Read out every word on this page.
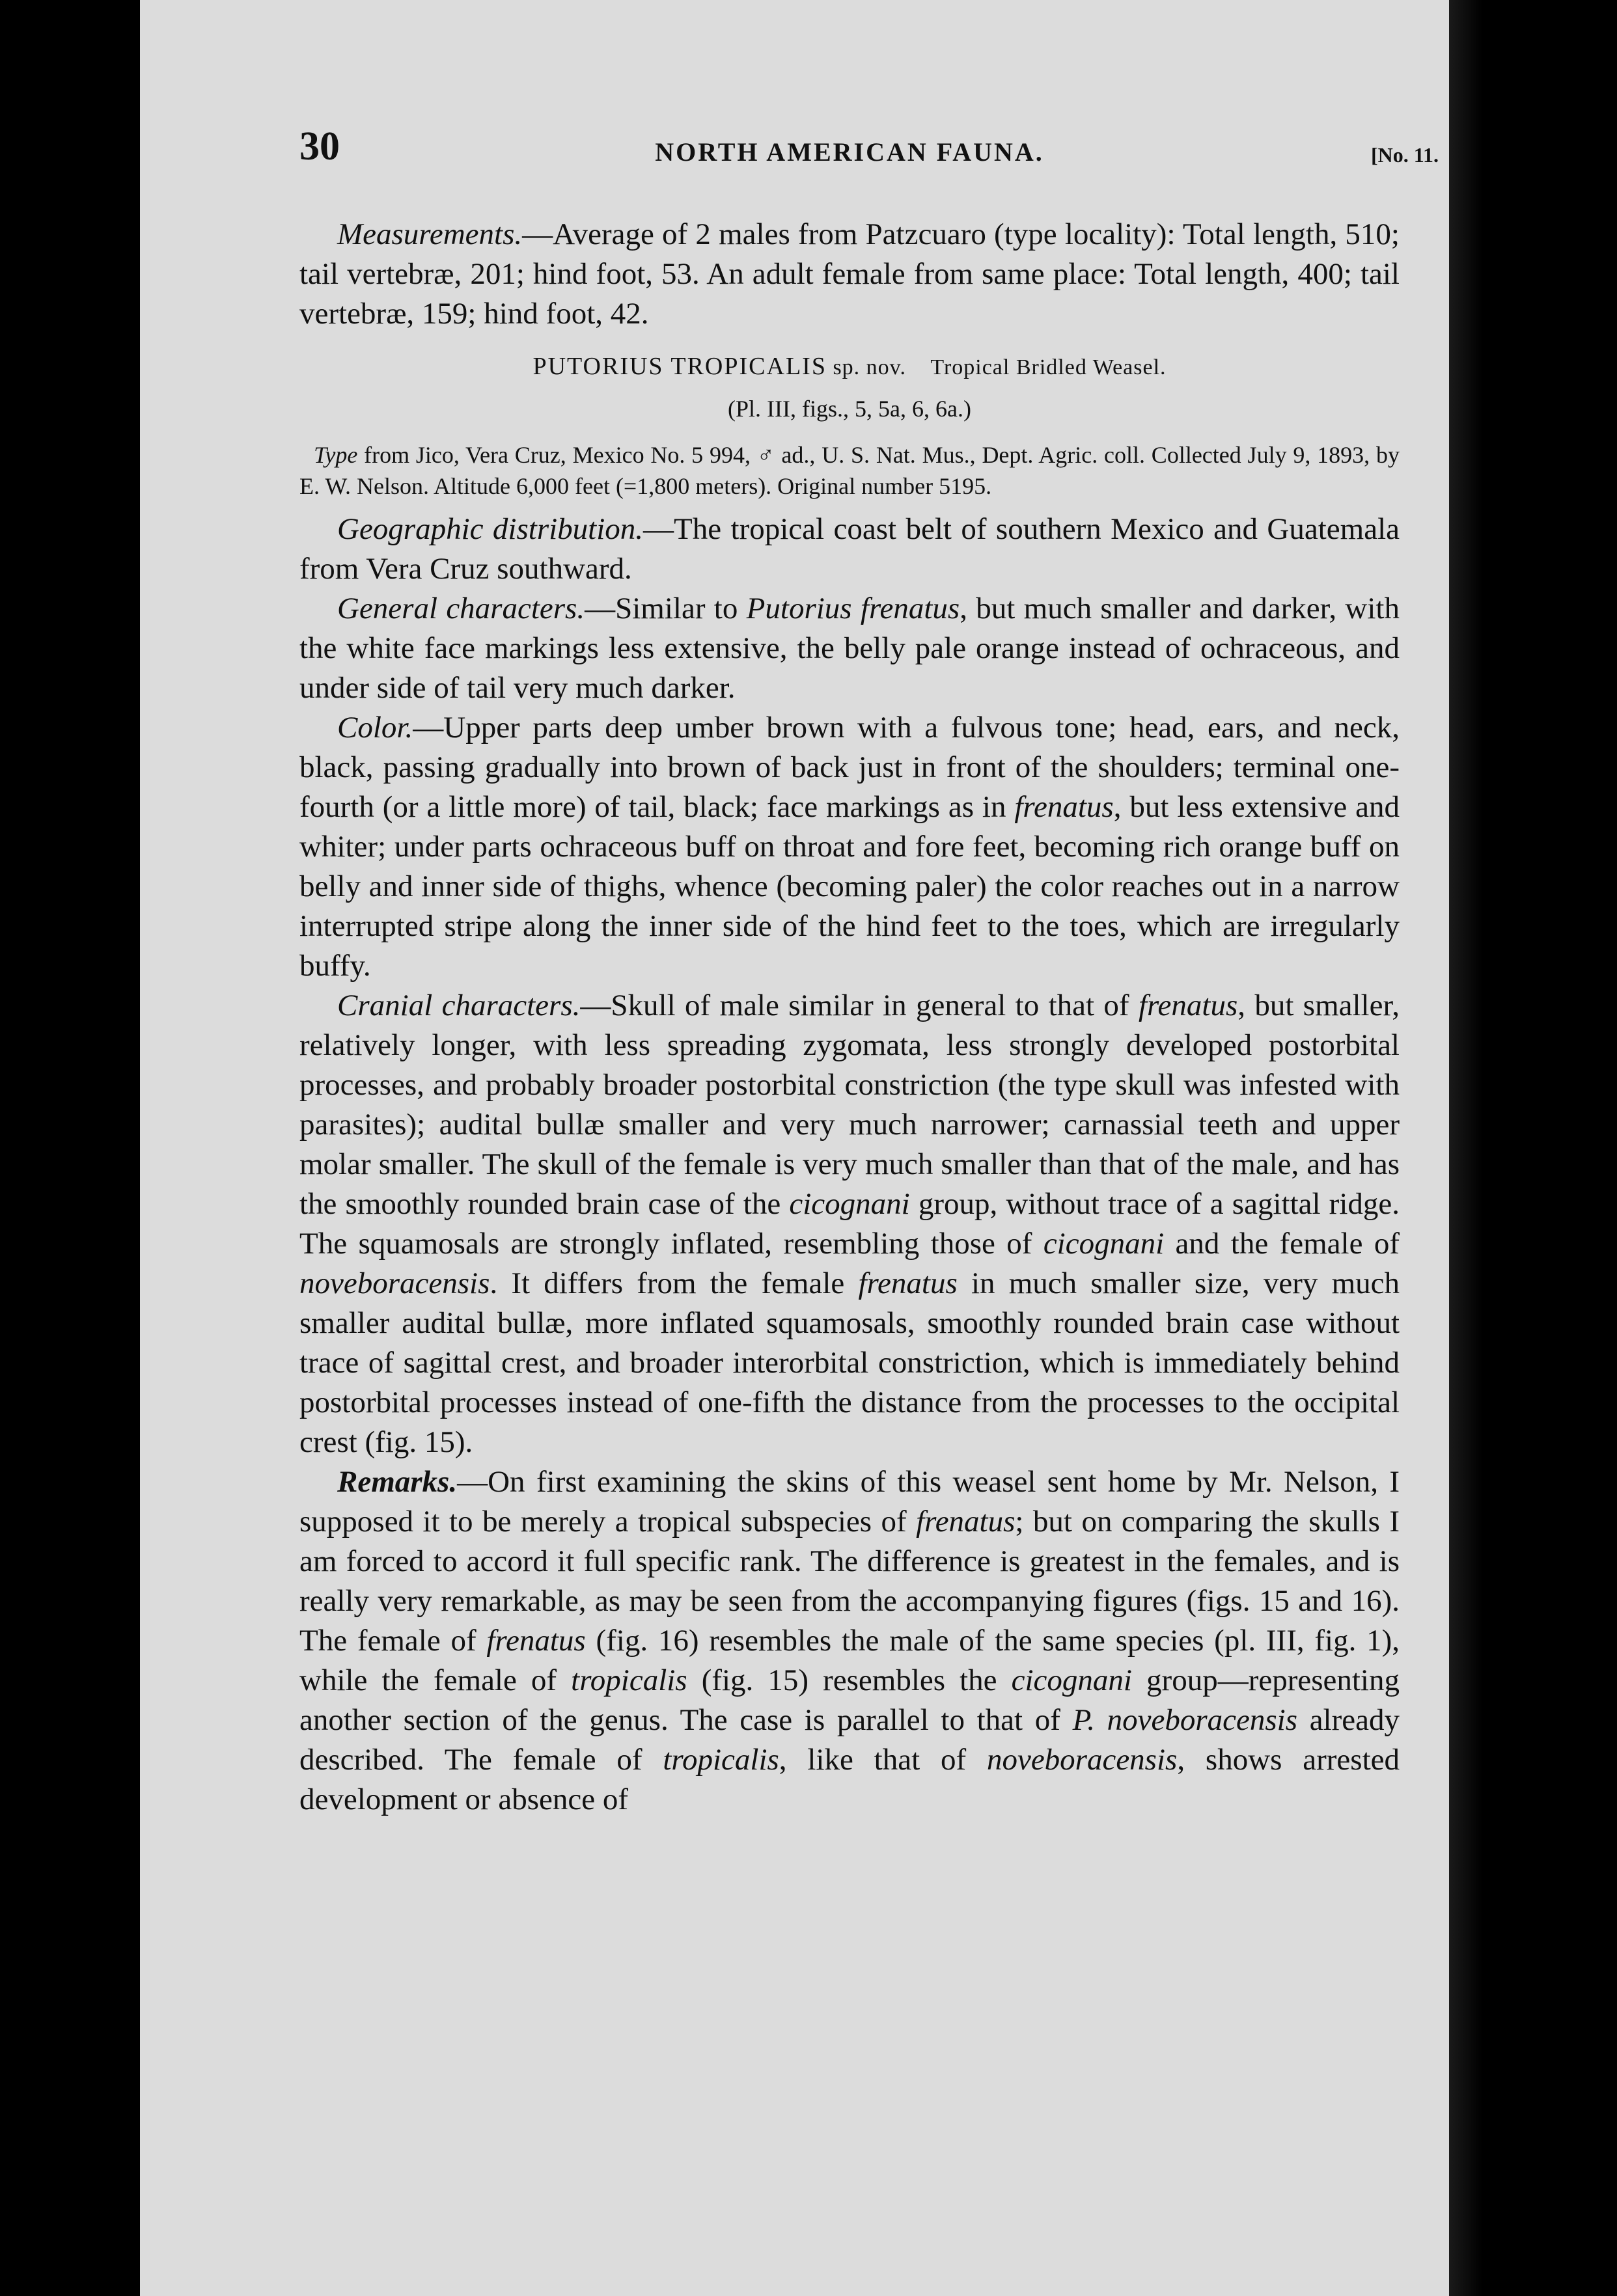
30	NORTH AMERICAN FAUNA.	[No. 11.

Measurements.—Average of 2 males from Patzcuaro (type locality): Total length, 510; tail vertebræ, 201; hind foot, 53. An adult female from same place: Total length, 400; tail vertebræ, 159; hind foot, 42.

PUTORIUS TROPICALIS sp. nov. Tropical Bridled Weasel.
(Pl. III, figs., 5, 5a, 6, 6a.)

Type from Jico, Vera Cruz, Mexico No. 5 994, ♂ ad., U. S. Nat. Mus., Dept. Agric. coll. Collected July 9, 1893, by E. W. Nelson. Altitude 6,000 feet (=1,800 meters). Original number 5195.

Geographic distribution.—The tropical coast belt of southern Mexico and Guatemala from Vera Cruz southward.

General characters.—Similar to Putorius frenatus, but much smaller and darker, with the white face markings less extensive, the belly pale orange instead of ochraceous, and under side of tail very much darker.

Color.—Upper parts deep umber brown with a fulvous tone; head, ears, and neck, black, passing gradually into brown of back just in front of the shoulders; terminal one-fourth (or a little more) of tail, black; face markings as in frenatus, but less extensive and whiter; under parts ochraceous buff on throat and fore feet, becoming rich orange buff on belly and inner side of thighs, whence (becoming paler) the color reaches out in a narrow interrupted stripe along the inner side of the hind feet to the toes, which are irregularly buffy.

Cranial characters.—Skull of male similar in general to that of frenatus, but smaller, relatively longer, with less spreading zygomata, less strongly developed postorbital processes, and probably broader postorbital constriction (the type skull was infested with parasites); audital bullæ smaller and very much narrower; carnassial teeth and upper molar smaller. The skull of the female is very much smaller than that of the male, and has the smoothly rounded brain case of the cicognani group, without trace of a sagittal ridge. The squamosals are strongly inflated, resembling those of cicognani and the female of noveboracensis. It differs from the female frenatus in much smaller size, very much smaller audital bullæ, more inflated squamosals, smoothly rounded brain case without trace of sagittal crest, and broader interorbital constriction, which is immediately behind postorbital processes instead of one-fifth the distance from the processes to the occipital crest (fig. 15).

Remarks.—On first examining the skins of this weasel sent home by Mr. Nelson, I supposed it to be merely a tropical subspecies of frenatus; but on comparing the skulls I am forced to accord it full specific rank. The difference is greatest in the females, and is really very remarkable, as may be seen from the accompanying figures (figs. 15 and 16). The female of frenatus (fig. 16) resembles the male of the same species (pl. III, fig. 1), while the female of tropicalis (fig. 15) resembles the cicognani group—representing another section of the genus. The case is parallel to that of P. noveboracensis already described. The female of tropicalis, like that of noveboracensis, shows arrested development or absence of
